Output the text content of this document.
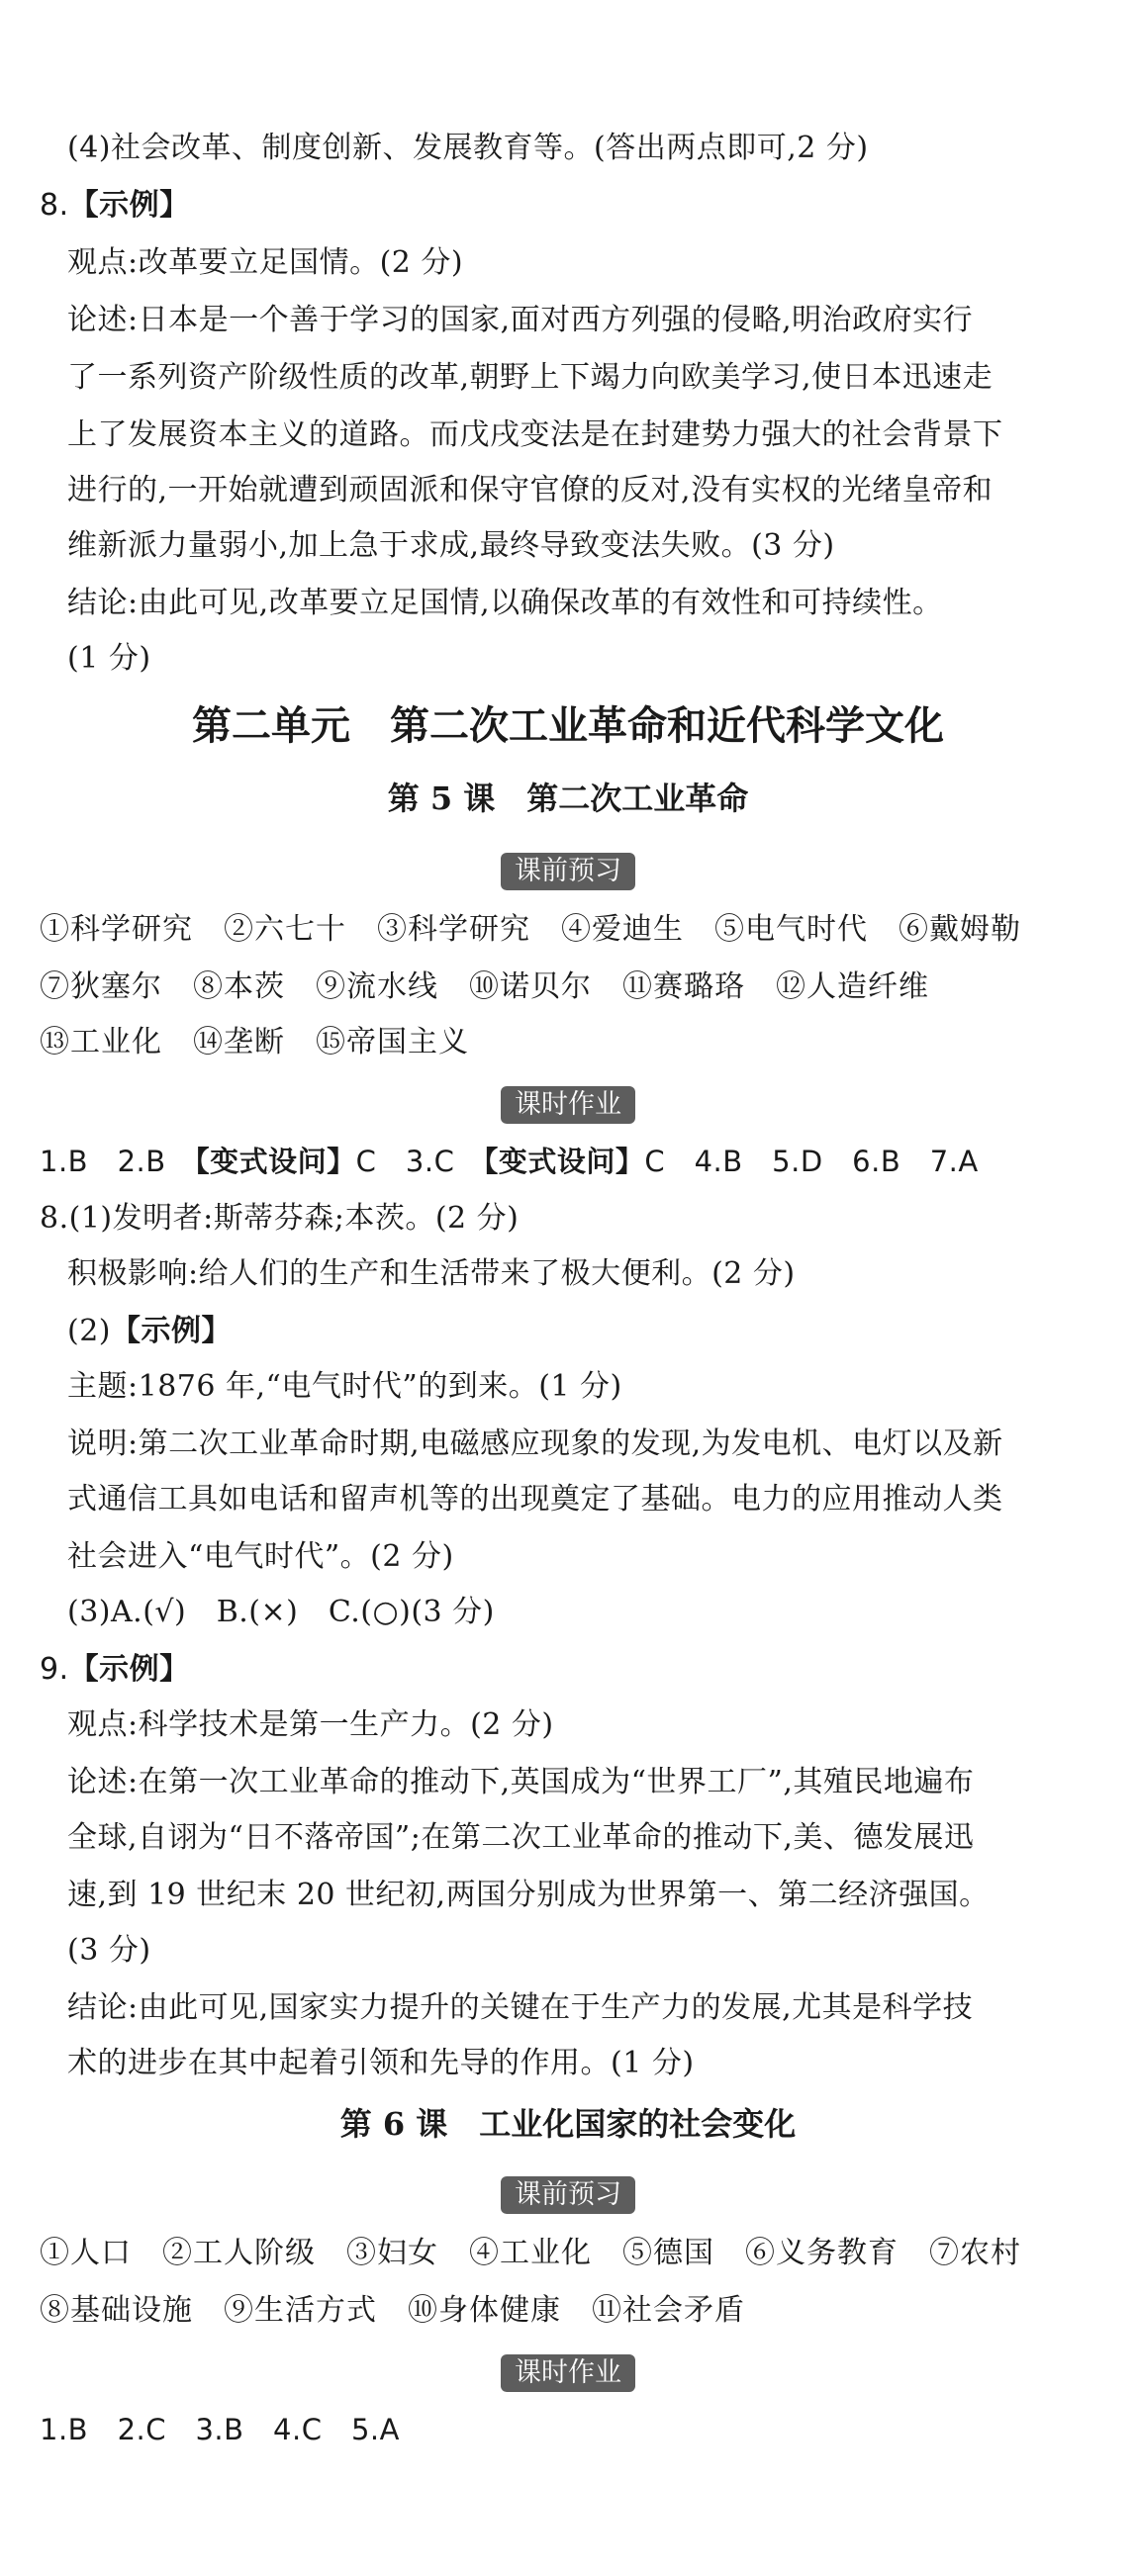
(4)社会改革、制度创新、发展教育等。(答出两点即可,2 分)
8.【示例】
观点:改革要立足国情。(2 分)
论述:日本是一个善于学习的国家,面对西方列强的侵略,明治政府实行
了一系列资产阶级性质的改革,朝野上下竭力向欧美学习,使日本迅速走
上了发展资本主义的道路。而戊戌变法是在封建势力强大的社会背景下
进行的,一开始就遭到顽固派和保守官僚的反对,没有实权的光绪皇帝和
维新派力量弱小,加上急于求成,最终导致变法失败。(3 分)
结论:由此可见,改革要立足国情,以确保改革的有效性和可持续性。
(1 分)
第二单元　第二次工业革命和近代科学文化
第 5 课　第二次工业革命
课前预习
①科学研究　②六七十　③科学研究　④爱迪生　⑤电气时代　⑥戴姆勒
⑦狄塞尔　⑧本茨　⑨流水线　⑩诺贝尔　⑪赛璐珞　⑫人造纤维
⑬工业化　⑭垄断　⑮帝国主义
课时作业
1.B　2.B　【变式设问】C　3.C　【变式设问】C　4.B　5.D　6.B　7.A
8.(1)发明者:斯蒂芬森;本茨。(2 分)
积极影响:给人们的生产和生活带来了极大便利。(2 分)
(2)【示例】
主题:1876 年,“电气时代”的到来。(1 分)
说明:第二次工业革命时期,电磁感应现象的发现,为发电机、电灯以及新
式通信工具如电话和留声机等的出现奠定了基础。电力的应用推动人类
社会进入“电气时代”。(2 分)
(3)A.(√)　B.(×)　C.(○)(3 分)
9.【示例】
观点:科学技术是第一生产力。(2 分)
论述:在第一次工业革命的推动下,英国成为“世界工厂”,其殖民地遍布
全球,自诩为“日不落帝国”;在第二次工业革命的推动下,美、德发展迅
速,到 19 世纪末 20 世纪初,两国分别成为世界第一、第二经济强国。
(3 分)
结论:由此可见,国家实力提升的关键在于生产力的发展,尤其是科学技
术的进步在其中起着引领和先导的作用。(1 分)
第 6 课　工业化国家的社会变化
课前预习
①人口　②工人阶级　③妇女　④工业化　⑤德国　⑥义务教育　⑦农村
⑧基础设施　⑨生活方式　⑩身体健康　⑪社会矛盾
课时作业
1.B　2.C　3.B　4.C　5.A
